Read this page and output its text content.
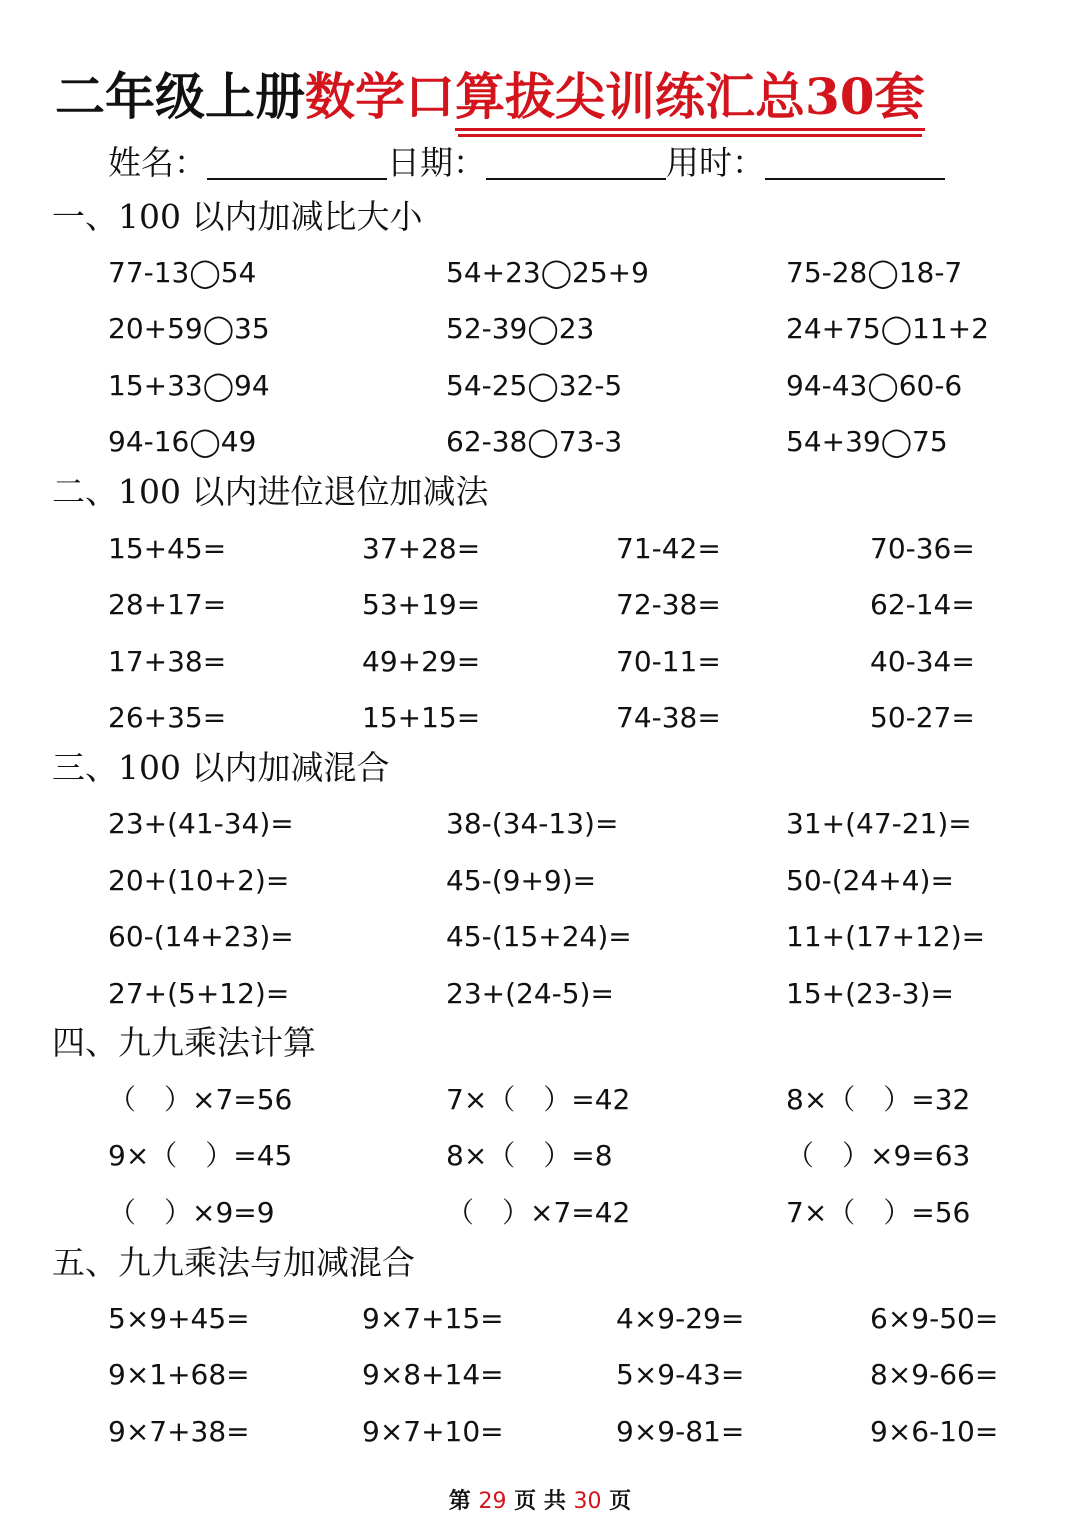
二年级上册数学口算拔尖训练汇总30套
姓名：	日期：	用时：
一、100 以内加减比大小
77-13◯54	54+23◯25+9	75-28◯18-7
20+59◯35	52-39◯23	24+75◯11+2
15+33◯94	54-25◯32-5	94-43◯60-6
94-16◯49	62-38◯73-3	54+39◯75
二、100 以内进位退位加减法
15+45=	37+28=	71-42=	70-36=
28+17=	53+19=	72-38=	62-14=
17+38=	49+29=	70-11=	40-34=
26+35=	15+15=	74-38=	50-27=
三、100 以内加减混合
23+(41-34)=	38-(34-13)=	31+(47-21)=
20+(10+2)=	45-(9+9)=	50-(24+4)=
60-(14+23)=	45-(15+24)=	11+(17+12)=
27+(5+12)=	23+(24-5)=	15+(23-3)=
四、九九乘法计算
（　）×7=56	7×（　）=42	8×（　）=32
9×（　）=45	8×（　）=8	（　）×9=63
（　）×9=9	（　）×7=42	7×（　）=56
五、九九乘法与加减混合
5×9+45=	9×7+15=	4×9-29=	6×9-50=
9×1+68=	9×8+14=	5×9-43=	8×9-66=
9×7+38=	9×7+10=	9×9-81=	9×6-10=
第 29 页 共 30 页
